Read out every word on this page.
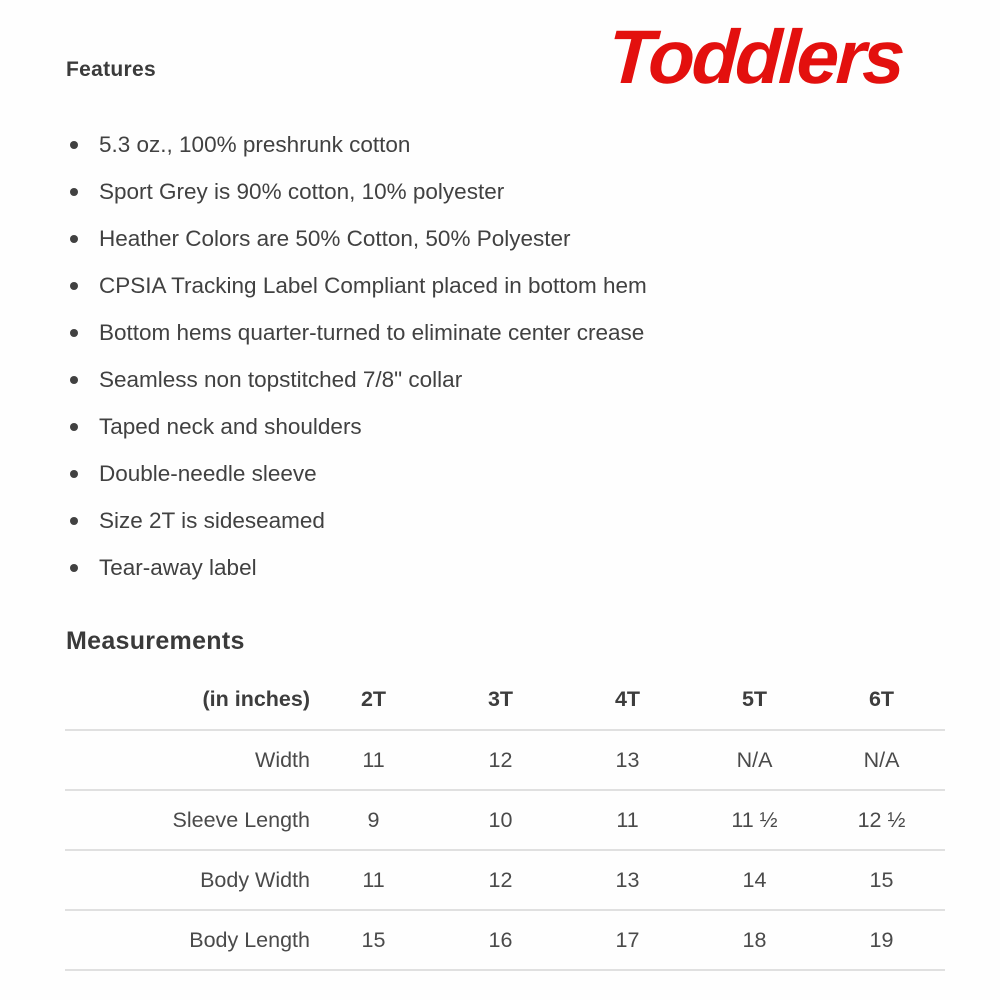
Features	Toddlers
5.3 oz., 100% preshrunk cotton
Sport Grey is 90% cotton, 10% polyester
Heather Colors are 50% Cotton, 50% Polyester
CPSIA Tracking Label Compliant placed in bottom hem
Bottom hems quarter-turned to eliminate center crease
Seamless non topstitched 7/8" collar
Taped neck and shoulders
Double-needle sleeve
Size 2T is sideseamed
Tear-away label
Measurements
(in inches)	2T	3T	4T	5T	6T
Width	11	12	13	N/A	N/A
Sleeve Length	9	10	11	11 ½	12 ½
Body Width	11	12	13	14	15
Body Length	15	16	17	18	19
